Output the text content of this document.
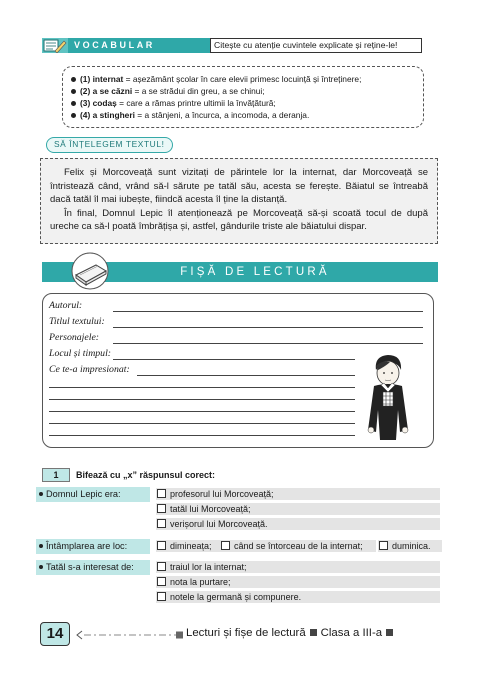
VOCABULAR	Citește cu atenție cuvintele explicate și reține-le!
(1) internat = așezământ școlar în care elevii primesc locuință și întreținere;
(2) a se căzni = a se strădui din greu, a se chinui;
(3) codaș = care a rămas printre ultimii la învățătură;
(4) a stingheri = a stânjeni, a încurca, a incomoda, a deranja.
SĂ ÎNȚELEGEM TEXTUL!

Felix și Morcoveață sunt vizitați de părintele lor la internat, dar Morcoveață se întristează când, vrând să-l sărute pe tatăl său, acesta se ferește. Băiatul se întreabă dacă tatăl îl mai iubește, fiindcă acesta îl ține la distanță.

În final, Domnul Lepic îl atenționează pe Morcoveață să-și scoată tocul de după ureche ca să-l poată îmbrățișa și, astfel, gândurile triste ale băiatului dispar.

FIȘĂ DE LECTURĂ
Autorul:
Titlul textului:
Personajele:
Locul și timpul:
Ce te-a impresionat:
1	Bifează cu „x” răspunsul corect:
Domnul Lepic era:	profesorul lui Morcoveață;
tatăl lui Morcoveață;
verișorul lui Morcoveață.
Întâmplarea are loc:	dimineața;	când se întorceau de la internat;	duminica.
Tatăl s-a interesat de:	traiul lor la internat;
nota la purtare;
notele la germană și compunere.
14	Lecturi și fișe de lectură Clasa a III-a
